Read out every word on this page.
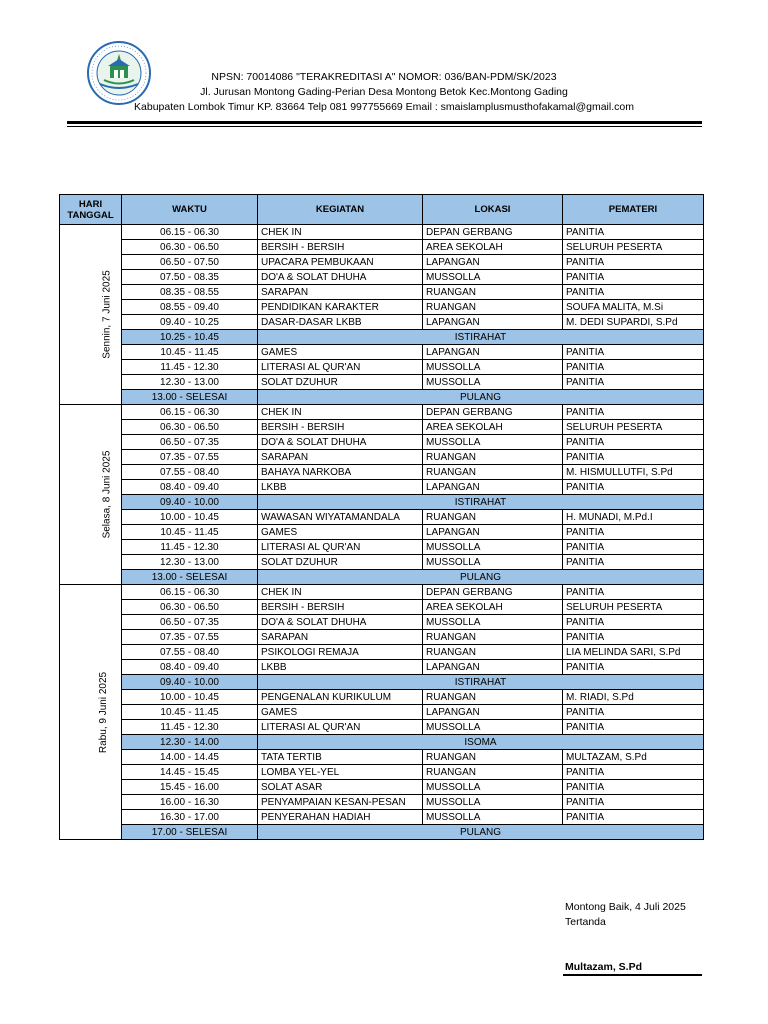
NPSN: 70014086 "TERAKREDITASI A" NOMOR: 036/BAN-PDM/SK/2023
Jl. Jurusan Montong Gading-Perian Desa Montong Betok Kec.Montong Gading
Kabupaten Lombok Timur KP. 83664 Telp 081 997755669 Email : smaislamplusmusthofakamal@gmail.com
HARI TANGGAL	WAKTU	KEGIATAN	LOKASI	PEMATERI
Sennin, 7 Juni 2025	06.15 - 06.30	CHEK IN	DEPAN GERBANG	PANITIA
	06.30 - 06.50	BERSIH - BERSIH	AREA SEKOLAH	SELURUH PESERTA
	06.50 - 07.50	UPACARA PEMBUKAAN	LAPANGAN	PANITIA
	07.50 - 08.35	DO'A & SOLAT DHUHA	MUSSOLLA	PANITIA
	08.35 - 08.55	SARAPAN	RUANGAN	PANITIA
	08.55 - 09.40	PENDIDIKAN KARAKTER	RUANGAN	SOUFA MALITA, M.Si
	09.40 - 10.25	DASAR-DASAR LKBB	LAPANGAN	M. DEDI SUPARDI, S.Pd
	10.25 - 10.45	ISTIRAHAT		
	10.45 - 11.45	GAMES	LAPANGAN	PANITIA
	11.45 - 12.30	LITERASI AL QUR'AN	MUSSOLLA	PANITIA
	12.30 - 13.00	SOLAT DZUHUR	MUSSOLLA	PANITIA
	13.00 - SELESAI	PULANG		
Selasa, 8 Juni 2025	06.15 - 06.30	CHEK IN	DEPAN GERBANG	PANITIA
	06.30 - 06.50	BERSIH - BERSIH	AREA SEKOLAH	SELURUH PESERTA
	06.50 - 07.35	DO'A & SOLAT DHUHA	MUSSOLLA	PANITIA
	07.35 - 07.55	SARAPAN	RUANGAN	PANITIA
	07.55 - 08.40	BAHAYA NARKOBA	RUANGAN	M. HISMULLUTFI, S.Pd
	08.40 - 09.40	LKBB	LAPANGAN	PANITIA
	09.40 - 10.00	ISTIRAHAT		
	10.00 - 10.45	WAWASAN WIYATAMANDALA	RUANGAN	H. MUNADI, M.Pd.I
	10.45 - 11.45	GAMES	LAPANGAN	PANITIA
	11.45 - 12.30	LITERASI AL QUR'AN	MUSSOLLA	PANITIA
	12.30 - 13.00	SOLAT DZUHUR	MUSSOLLA	PANITIA
	13.00 - SELESAI	PULANG		
Rabu, 9 Juni 2025	06.15 - 06.30	CHEK IN	DEPAN GERBANG	PANITIA
	06.30 - 06.50	BERSIH - BERSIH	AREA SEKOLAH	SELURUH PESERTA
	06.50 - 07.35	DO'A & SOLAT DHUHA	MUSSOLLA	PANITIA
	07.35 - 07.55	SARAPAN	RUANGAN	PANITIA
	07.55 - 08.40	PSIKOLOGI REMAJA	RUANGAN	LIA MELINDA SARI, S.Pd
	08.40 - 09.40	LKBB	LAPANGAN	PANITIA
	09.40 - 10.00	ISTIRAHAT		
	10.00 - 10.45	PENGENALAN KURIKULUM	RUANGAN	M. RIADI, S.Pd
	10.45 - 11.45	GAMES	LAPANGAN	PANITIA
	11.45 - 12.30	LITERASI AL QUR'AN	MUSSOLLA	PANITIA
	12.30 - 14.00	ISOMA		
	14.00 - 14.45	TATA TERTIB	RUANGAN	MULTAZAM, S.Pd
	14.45 - 15.45	LOMBA YEL-YEL	RUANGAN	PANITIA
	15.45 - 16.00	SOLAT ASAR	MUSSOLLA	PANITIA
	16.00 - 16.30	PENYAMPAIAN KESAN-PESAN	MUSSOLLA	PANITIA
	16.30 - 17.00	PENYERAHAN HADIAH	MUSSOLLA	PANITIA
	17.00 - SELESAI	PULANG		
Montong Baik, 4 Juli 2025
Tertanda
Multazam, S.Pd
